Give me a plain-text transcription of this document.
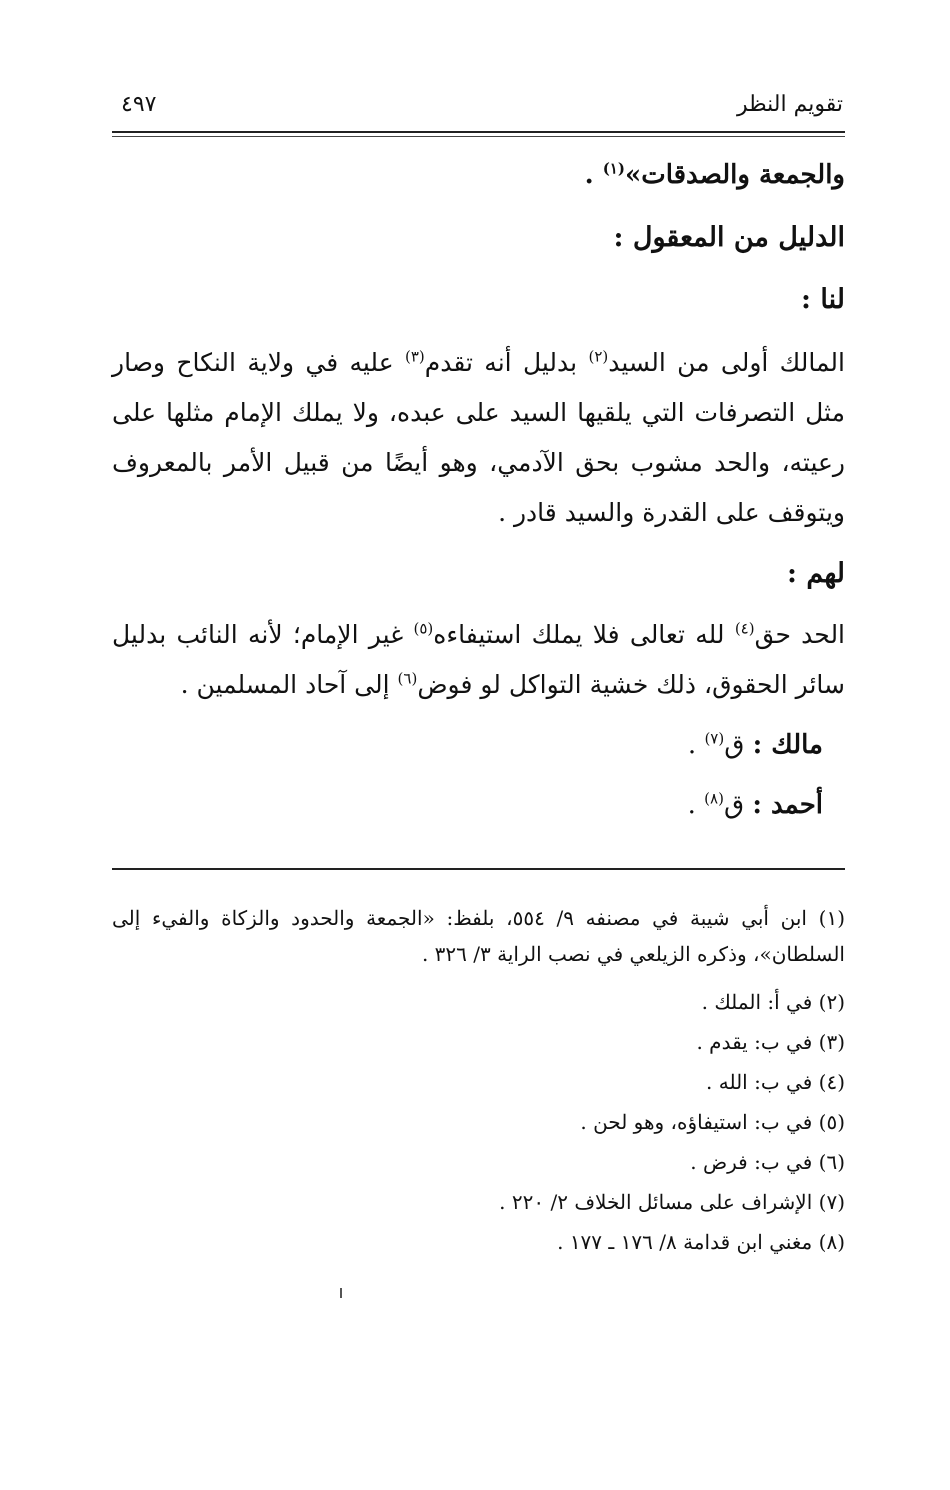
تقويم النظر
٤٩٧
والجمعة والصدقات»$^{(١)}$ .
الدليل من المعقول :
لنا :
المالك أولى من السيد$^{(٢)}$ بدليل أنه تقدم$^{(٣)}$ عليه في ولاية النكاح وصار مثل التصرفات التي يلقيها السيد على عبده، ولا يملك الإمام مثلها على رعيته، والحد مشوب بحق الآدمي، وهو أيضًا من قبيل الأمر بالمعروف ويتوقف على القدرة والسيد قادر .
لهم :
الحد حق$^{(٤)}$ لله تعالى فلا يملك استيفاءه$^{(٥)}$ غير الإمام؛ لأنه النائب بدليل سائر الحقوق، ذلك خشية التواكل لو فوض$^{(٦)}$ إلى آحاد المسلمين .
مالك : ق$^{(٧)}$ .
أحمد : ق$^{(٨)}$ .
(١) ابن أبي شيبة في مصنفه ٩/ ٥٥٤، بلفظ: «الجمعة والحدود والزكاة والفيء إلى السلطان»، وذكره الزيلعي في نصب الراية ٣/ ٣٢٦ .
(٢) في أ: الملك .
(٣) في ب: يقدم .
(٤) في ب: الله .
(٥) في ب: استيفاؤه، وهو لحن .
(٦) في ب: فرض .
(٧) الإشراف على مسائل الخلاف ٢/ ٢٢٠ .
(٨) مغني ابن قدامة ٨/ ١٧٦ ـ ١٧٧ .
